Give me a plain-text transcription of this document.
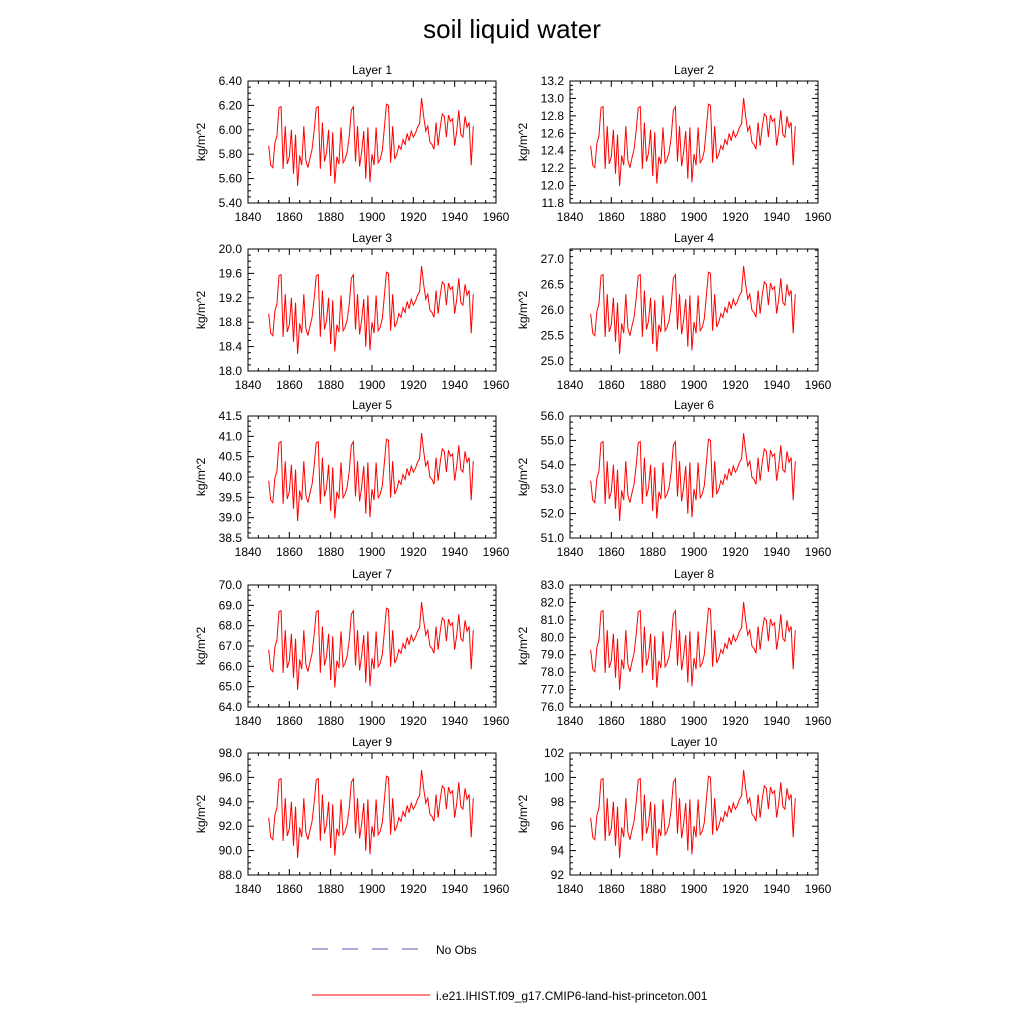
soil liquid water
Layer 1
kg/m^2
1840 1860 1880 1900 1920 1940 1960
5.40
5.60
5.80
6.00
6.20
6.40
Layer 2
kg/m^2
1840 1860 1880 1900 1920 1940 1960
11.8
12.0
12.2
12.4
12.6
12.8
13.0
13.2
Layer 3
kg/m^2
1840 1860 1880 1900 1920 1940 1960
18.0
18.4
18.8
19.2
19.6
20.0
Layer 4
kg/m^2
1840 1860 1880 1900 1920 1940 1960
25.0
25.5
26.0
26.5
27.0
Layer 5
kg/m^2
1840 1860 1880 1900 1920 1940 1960
38.5
39.0
39.5
40.0
40.5
41.0
41.5
Layer 6
kg/m^2
1840 1860 1880 1900 1920 1940 1960
51.0
52.0
53.0
54.0
55.0
56.0
Layer 7
kg/m^2
1840 1860 1880 1900 1920 1940 1960
64.0
65.0
66.0
67.0
68.0
69.0
70.0
Layer 8
kg/m^2
1840 1860 1880 1900 1920 1940 1960
76.0
77.0
78.0
79.0
80.0
81.0
82.0
83.0
Layer 9
kg/m^2
1840 1860 1880 1900 1920 1940 1960
88.0
90.0
92.0
94.0
96.0
98.0
Layer 10
kg/m^2
1840 1860 1880 1900 1920 1940 1960
92
94
96
98
100
102
No Obs
i.e21.IHIST.f09_g17.CMIP6-land-hist-princeton.001
